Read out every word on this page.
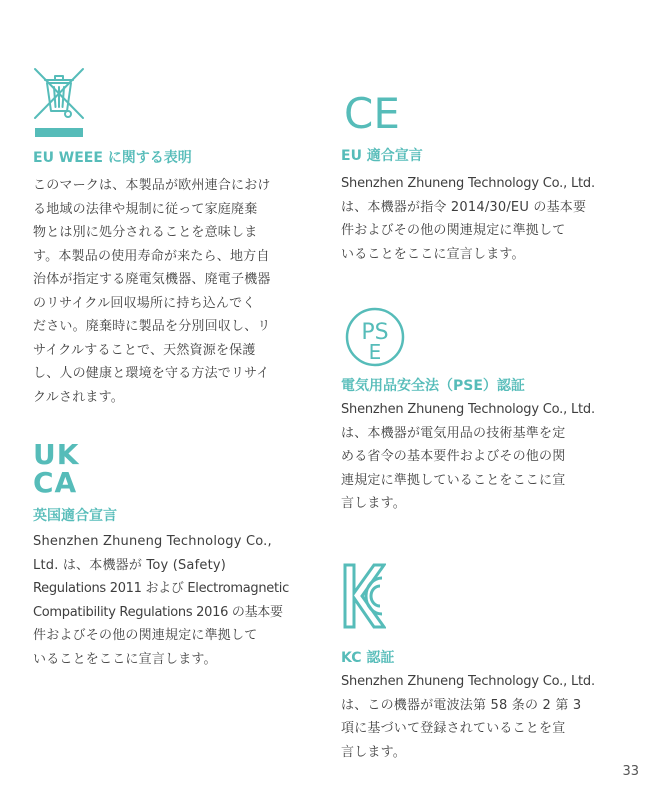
EU WEEE に関する表明

このマークは、本製品が欧州連合におけ
る地域の法律や規制に従って家庭廃棄
物とは別に処分されることを意味しま
す。本製品の使用寿命が来たら、地方自
治体が指定する廃電気機器、廃電子機器
のリサイクル回収場所に持ち込んでく
ださい。廃棄時に製品を分別回収し、リ
サイクルすることで、天然資源を保護
し、人の健康と環境を守る方法でリサイ
クルされます。

UK
CA
英国適合宣言

Shenzhen Zhuneng Technology Co.,
Ltd. は、本機器が Toy (Safety)
Regulations 2011 および Electromagnetic
Compatibility Regulations 2016 の基本要
件およびその他の関連規定に準拠して
いることをここに宣言します。

CE
EU 適合宣言

Shenzhen Zhuneng Technology Co., Ltd.
は、本機器が指令 2014/30/EU の基本要
件およびその他の関連規定に準拠して
いることをここに宣言します。

PS
E
電気用品安全法（PSE）認証

Shenzhen Zhuneng Technology Co., Ltd.
は、本機器が電気用品の技術基準を定
める省令の基本要件およびその他の関
連規定に準拠していることをここに宣
言します。

KC 認証

Shenzhen Zhuneng Technology Co., Ltd.
は、この機器が電波法第 58 条の 2 第 3
項に基づいて登録されていることを宣
言します。

33
